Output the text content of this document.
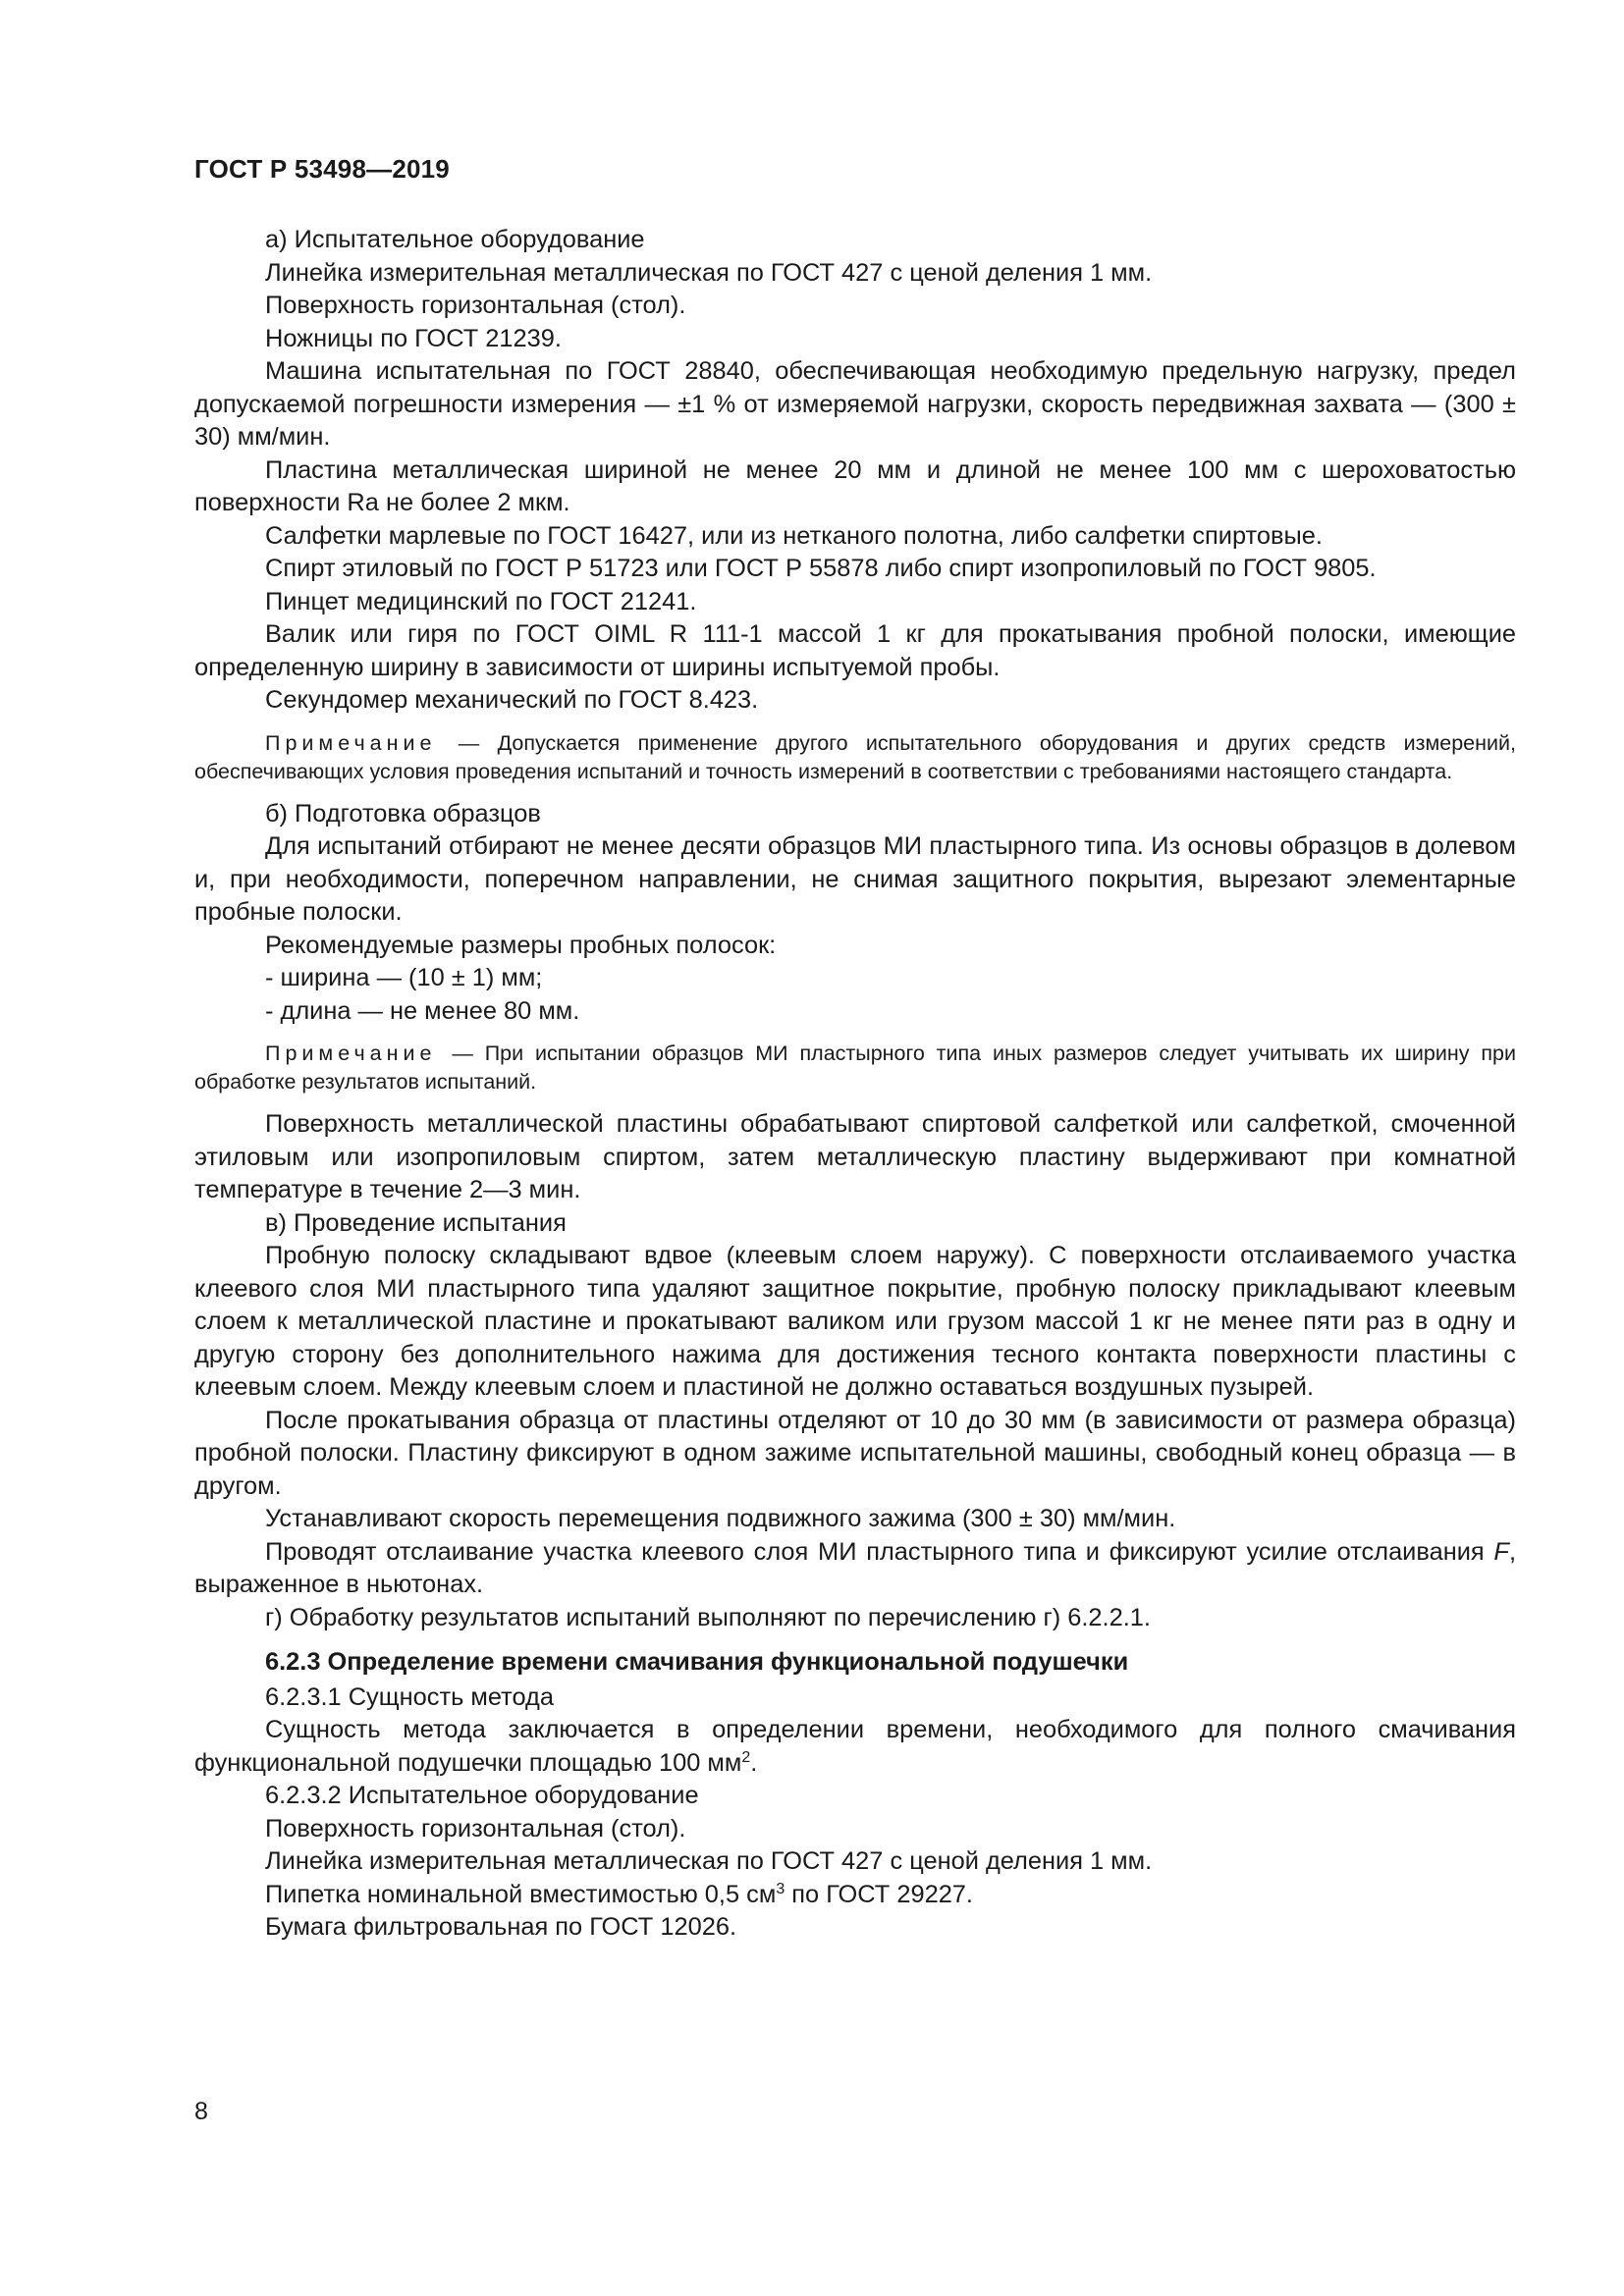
ГОСТ Р 53498—2019

а) Испытательное оборудование

Линейка измерительная металлическая по ГОСТ 427 с ценой деления 1 мм.

Поверхность горизонтальная (стол).

Ножницы по ГОСТ 21239.

Машина испытательная по ГОСТ 28840, обеспечивающая необходимую предельную нагрузку, предел допускаемой погрешности измерения — ±1 % от измеряемой нагрузки, скорость передвижная захвата — (300 ± 30) мм/мин.

Пластина металлическая шириной не менее 20 мм и длиной не менее 100 мм с шероховатостью поверхности Ra не более 2 мкм.

Салфетки марлевые по ГОСТ 16427, или из нетканого полотна, либо салфетки спиртовые.

Спирт этиловый по ГОСТ Р 51723 или ГОСТ Р 55878 либо спирт изопропиловый по ГОСТ 9805.

Пинцет медицинский по ГОСТ 21241.

Валик или гиря по ГОСТ OIML R 111-1 массой 1 кг для прокатывания пробной полоски, имеющие определенную ширину в зависимости от ширины испытуемой пробы.

Секундомер механический по ГОСТ 8.423.

Примечание — Допускается применение другого испытательного оборудования и других средств измерений, обеспечивающих условия проведения испытаний и точность измерений в соответствии с требованиями настоящего стандарта.

б) Подготовка образцов

Для испытаний отбирают не менее десяти образцов МИ пластырного типа. Из основы образцов в долевом и, при необходимости, поперечном направлении, не снимая защитного покрытия, вырезают элементарные пробные полоски.

Рекомендуемые размеры пробных полосок:

- ширина — (10 ± 1) мм;

- длина — не менее 80 мм.

Примечание — При испытании образцов МИ пластырного типа иных размеров следует учитывать их ширину при обработке результатов испытаний.

Поверхность металлической пластины обрабатывают спиртовой салфеткой или салфеткой, смоченной этиловым или изопропиловым спиртом, затем металлическую пластину выдерживают при комнатной температуре в течение 2—3 мин.

в) Проведение испытания

Пробную полоску складывают вдвое (клеевым слоем наружу). С поверхности отслаиваемого участка клеевого слоя МИ пластырного типа удаляют защитное покрытие, пробную полоску прикладывают клеевым слоем к металлической пластине и прокатывают валиком или грузом массой 1 кг не менее пяти раз в одну и другую сторону без дополнительного нажима для достижения тесного контакта поверхности пластины с клеевым слоем. Между клеевым слоем и пластиной не должно оставаться воздушных пузырей.

После прокатывания образца от пластины отделяют от 10 до 30 мм (в зависимости от размера образца) пробной полоски. Пластину фиксируют в одном зажиме испытательной машины, свободный конец образца — в другом.

Устанавливают скорость перемещения подвижного зажима (300 ± 30) мм/мин.

Проводят отслаивание участка клеевого слоя МИ пластырного типа и фиксируют усилие отслаивания F, выраженное в ньютонах.

г) Обработку результатов испытаний выполняют по перечислению г) 6.2.2.1.

6.2.3 Определение времени смачивания функциональной подушечки

6.2.3.1 Сущность метода

Сущность метода заключается в определении времени, необходимого для полного смачивания функциональной подушечки площадью 100 $мм^2$.

6.2.3.2 Испытательное оборудование

Поверхность горизонтальная (стол).

Линейка измерительная металлическая по ГОСТ 427 с ценой деления 1 мм.

Пипетка номинальной вместимостью 0,5 $см^3$ по ГОСТ 29227.

Бумага фильтровальная по ГОСТ 12026.

8
